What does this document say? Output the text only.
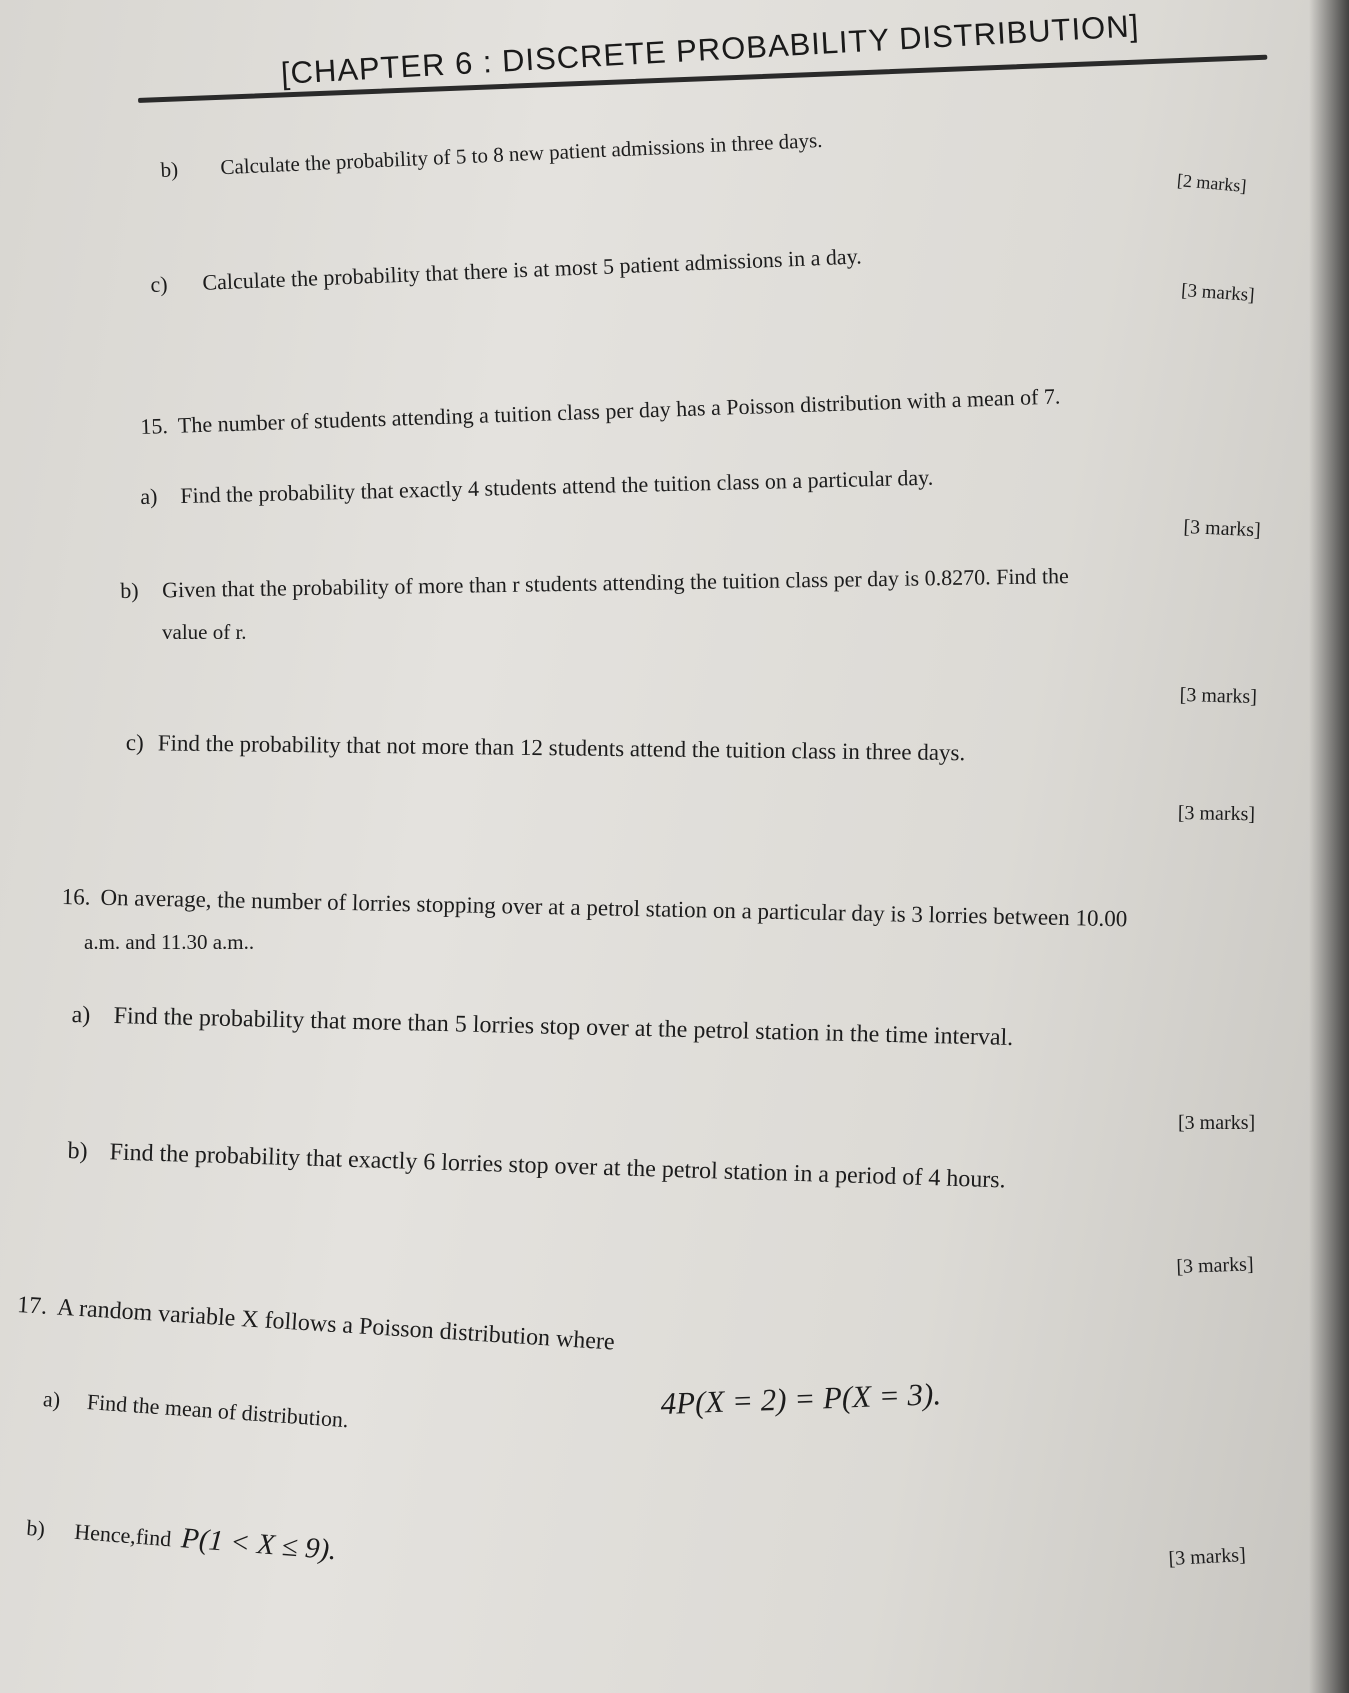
[CHAPTER 6 : DISCRETE PROBABILITY DISTRIBUTION]
b) Calculate the probability of 5 to 8 new patient admissions in three days.
[2 marks]
c) Calculate the probability that there is at most 5 patient admissions in a day.	[3 marks]
15. The number of students attending a tuition class per day has a Poisson distribution with a mean of 7.
a) Find the probability that exactly 4 students attend the tuition class on a particular day.
[3 marks]
b) Given that the probability of more than r students attending the tuition class per day is 0.8270. Find the
value of r.
[3 marks]
c) Find the probability that not more than 12 students attend the tuition class in three days.
[3 marks]
16. On average, the number of lorries stopping over at a petrol station on a particular day is 3 lorries between 10.00
a.m. and 11.30 a.m..
a) Find the probability that more than 5 lorries stop over at the petrol station in the time interval.
[3 marks]
b) Find the probability that exactly 6 lorries stop over at the petrol station in a period of 4 hours.
[3 marks]
17. A random variable X follows a Poisson distribution where
4P(X = 2) = P(X = 3).
a) Find the mean of distribution.
b) Hence,find P(1 < X ≤ 9).	[3 marks]
